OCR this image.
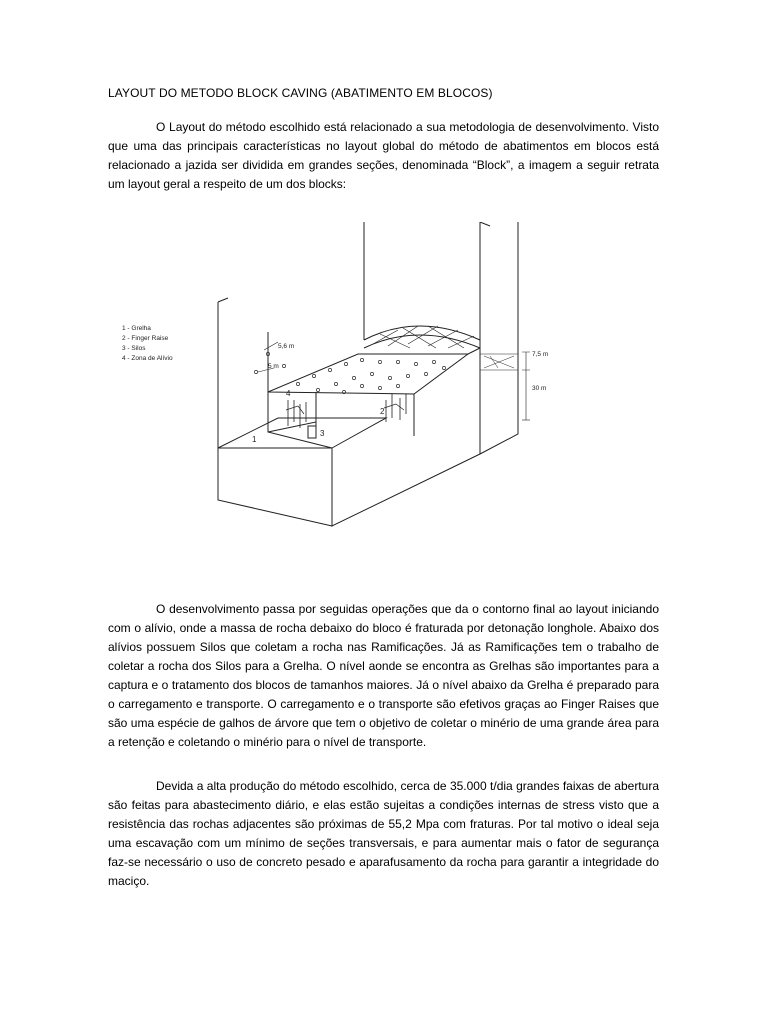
LAYOUT DO METODO BLOCK CAVING (ABATIMENTO EM BLOCOS)

O Layout do método escolhido está relacionado a sua metodologia de desenvolvimento. Visto que uma das principais características no layout global do método de abatimentos em blocos está relacionado a jazida ser dividida em grandes seções, denominada “Block”, a imagem a seguir retrata um layout geral a respeito de um dos blocks:

1 - Grelha
2 - Finger Raise
3 - Silos
4 - Zona de Alívio
5,6 m
5 m
7,5 m
30 m
1
2
3
4

O desenvolvimento passa por seguidas operações que da o contorno final ao layout iniciando com o alívio, onde a massa de rocha debaixo do bloco é fraturada por detonação longhole. Abaixo dos alívios possuem Silos que coletam a rocha nas Ramificações. Já as Ramificações tem o trabalho de coletar a rocha dos Silos para a Grelha. O nível aonde se encontra as Grelhas são importantes para a captura e o tratamento dos blocos de tamanhos maiores. Já o nível abaixo da Grelha é preparado para o carregamento e transporte. O carregamento e o transporte são efetivos graças ao Finger Raises que são uma espécie de galhos de árvore que tem o objetivo de coletar o minério de uma grande área para a retenção e coletando o minério para o nível de transporte.

Devida a alta produção do método escolhido, cerca de 35.000 t/dia grandes faixas de abertura são feitas para abastecimento diário, e elas estão sujeitas a condições internas de stress visto que a resistência das rochas adjacentes são próximas de 55,2 Mpa com fraturas. Por tal motivo o ideal seja uma escavação com um mínimo de seções transversais, e para aumentar mais o fator de segurança faz-se necessário o uso de concreto pesado e aparafusamento da rocha para garantir a integridade do maciço.
